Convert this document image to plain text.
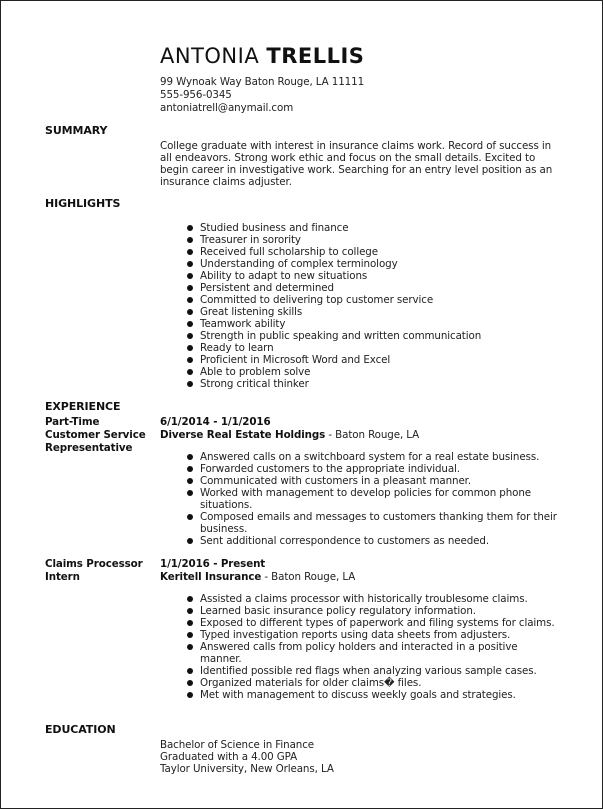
ANTONIA TRELLIS
99 Wynoak Way Baton Rouge, LA 11111
555-956-0345
antoniatrell@anymail.com
SUMMARY
College graduate with interest in insurance claims work. Record of success in all endeavors. Strong work ethic and focus on the small details. Excited to begin career in investigative work. Searching for an entry level position as an insurance claims adjuster.
HIGHLIGHTS
Studied business and finance
Treasurer in sorority
Received full scholarship to college
Understanding of complex terminology
Ability to adapt to new situations
Persistent and determined
Committed to delivering top customer service
Great listening skills
Teamwork ability
Strength in public speaking and written communication
Ready to learn
Proficient in Microsoft Word and Excel
Able to problem solve
Strong critical thinker
EXPERIENCE
Part-Time Customer Service Representative
6/1/2014 - 1/1/2016
Diverse Real Estate Holdings - Baton Rouge, LA
Answered calls on a switchboard system for a real estate business.
Forwarded customers to the appropriate individual.
Communicated with customers in a pleasant manner.
Worked with management to develop policies for common phone situations.
Composed emails and messages to customers thanking them for their business.
Sent additional correspondence to customers as needed.
Claims Processor Intern
1/1/2016 - Present
Keritell Insurance - Baton Rouge, LA
Assisted a claims processor with historically troublesome claims.
Learned basic insurance policy regulatory information.
Exposed to different types of paperwork and filing systems for claims.
Typed investigation reports using data sheets from adjusters.
Answered calls from policy holders and interacted in a positive manner.
Identified possible red flags when analyzing various sample cases.
Organized materials for older claims� files.
Met with management to discuss weekly goals and strategies.
EDUCATION
Bachelor of Science in Finance
Graduated with a 4.00 GPA
Taylor University, New Orleans, LA
